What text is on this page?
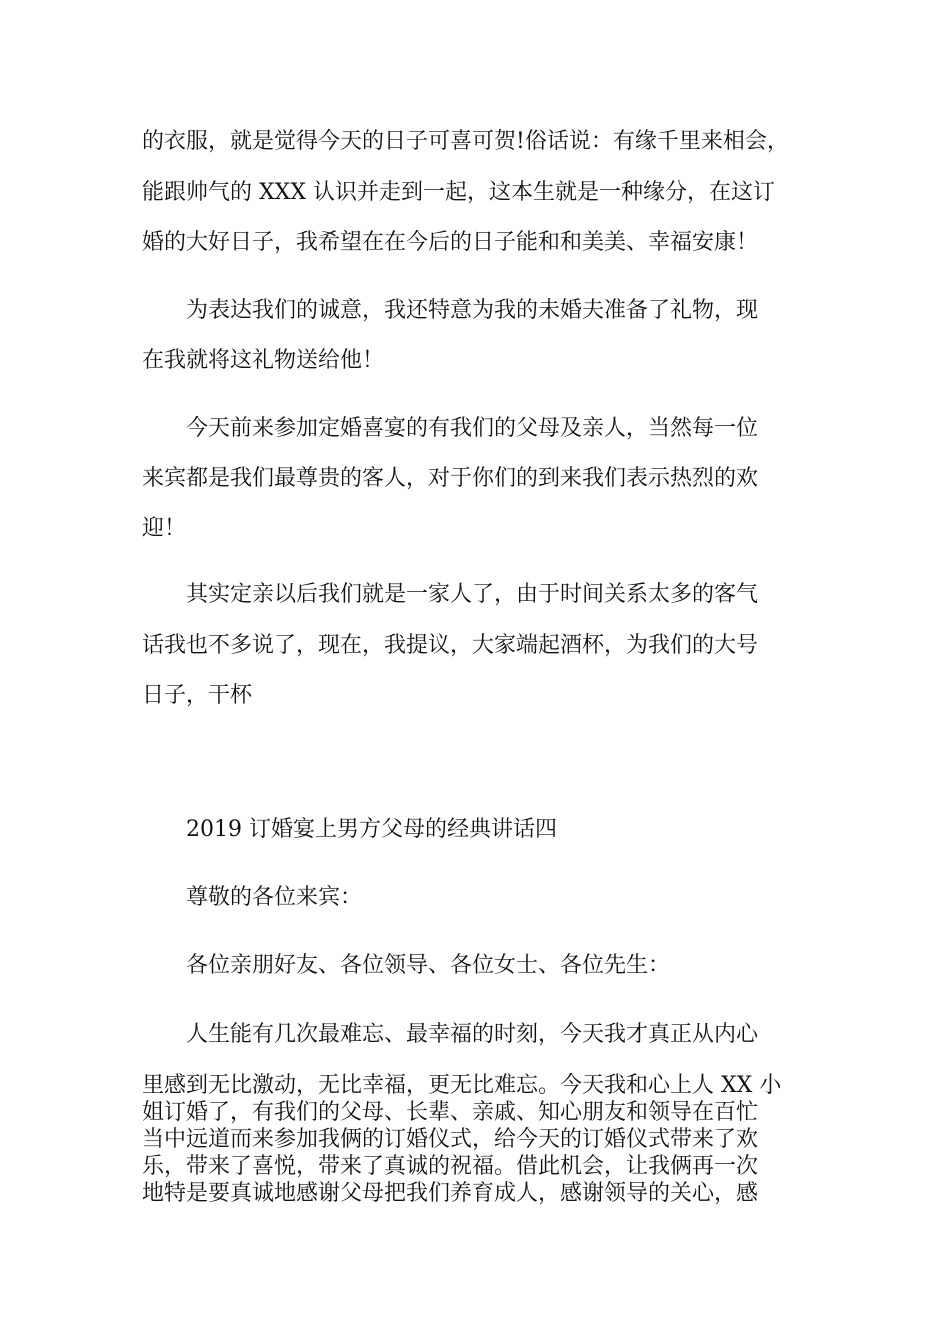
的衣服，就是觉得今天的日子可喜可贺!俗话说：有缘千里来相会，

能跟帅气的 XXX 认识并走到一起，这本生就是一种缘分，在这订

婚的大好日子，我希望在在今后的日子能和和美美、幸福安康！

　　为表达我们的诚意，我还特意为我的未婚夫准备了礼物，现

在我就将这礼物送给他！

　　今天前来参加定婚喜宴的有我们的父母及亲人，当然每一位

来宾都是我们最尊贵的客人，对于你们的到来我们表示热烈的欢

迎！

　　其实定亲以后我们就是一家人了，由于时间关系太多的客气

话我也不多说了，现在，我提议，大家端起酒杯，为我们的大号

日子，干杯

　　2019 订婚宴上男方父母的经典讲话四

　　尊敬的各位来宾：

　　各位亲朋好友、各位领导、各位女士、各位先生：

　　人生能有几次最难忘、最幸福的时刻，今天我才真正从内心

里感到无比激动，无比幸福，更无比难忘。今天我和心上人 XX 小

姐订婚了，有我们的父母、长辈、亲戚、知心朋友和领导在百忙

当中远道而来参加我俩的订婚仪式，给今天的订婚仪式带来了欢

乐，带来了喜悦，带来了真诚的祝福。借此机会，让我俩再一次

地特是要真诚地感谢父母把我们养育成人，感谢领导的关心，感
